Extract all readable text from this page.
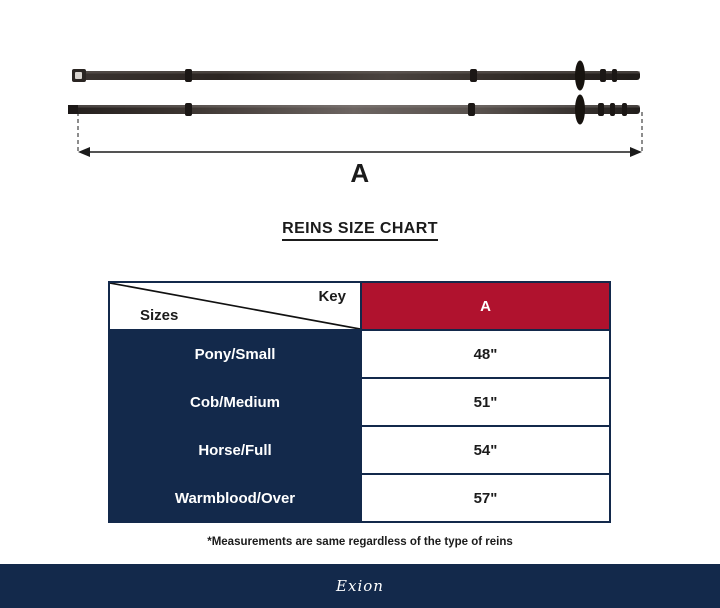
A
REINS SIZE CHART
Key
Sizes	A
Pony/Small	48"
Cob/Medium	51"
Horse/Full	54"
Warmblood/Over	57"
*Measurements are same regardless of the type of reins
Exion
